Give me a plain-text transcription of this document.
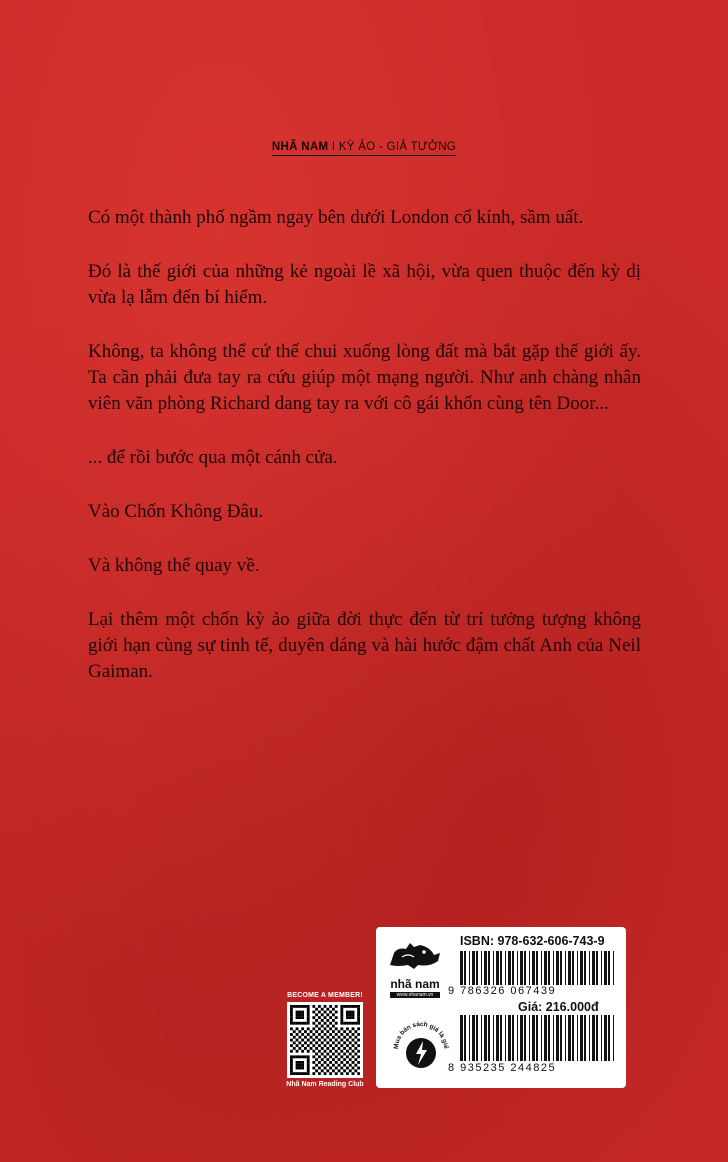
NHÃ NAM I KỲ ẢO - GIẢ TƯỞNG

Có một thành phố ngầm ngay bên dưới London cổ kính, sầm uất.

Đó là thế giới của những kẻ ngoài lề xã hội, vừa quen thuộc đến kỳ dị vừa lạ lẫm đến bí hiểm.

Không, ta không thể cứ thế chui xuống lòng đất mà bắt gặp thế giới ấy. Ta cần phải đưa tay ra cứu giúp một mạng người. Như anh chàng nhân viên văn phòng Richard dang tay ra với cô gái khốn cùng tên Door...

... để rồi bước qua một cánh cửa.

Vào Chốn Không Đâu.

Và không thể quay về.

Lại thêm một chốn kỳ ảo giữa đời thực đến từ trí tưởng tượng không giới hạn cùng sự tinh tế, duyên dáng và hài hước đậm chất Anh của Neil Gaiman.

BECOME A MEMBER!
Nhã Nam Reading Club
nhã nam
www.nhanam.vn
ISBN: 978-632-606-743-9
9 786326 067439
Giá: 216.000đ
Mua bán sách giả là giế
8 935235 244825
